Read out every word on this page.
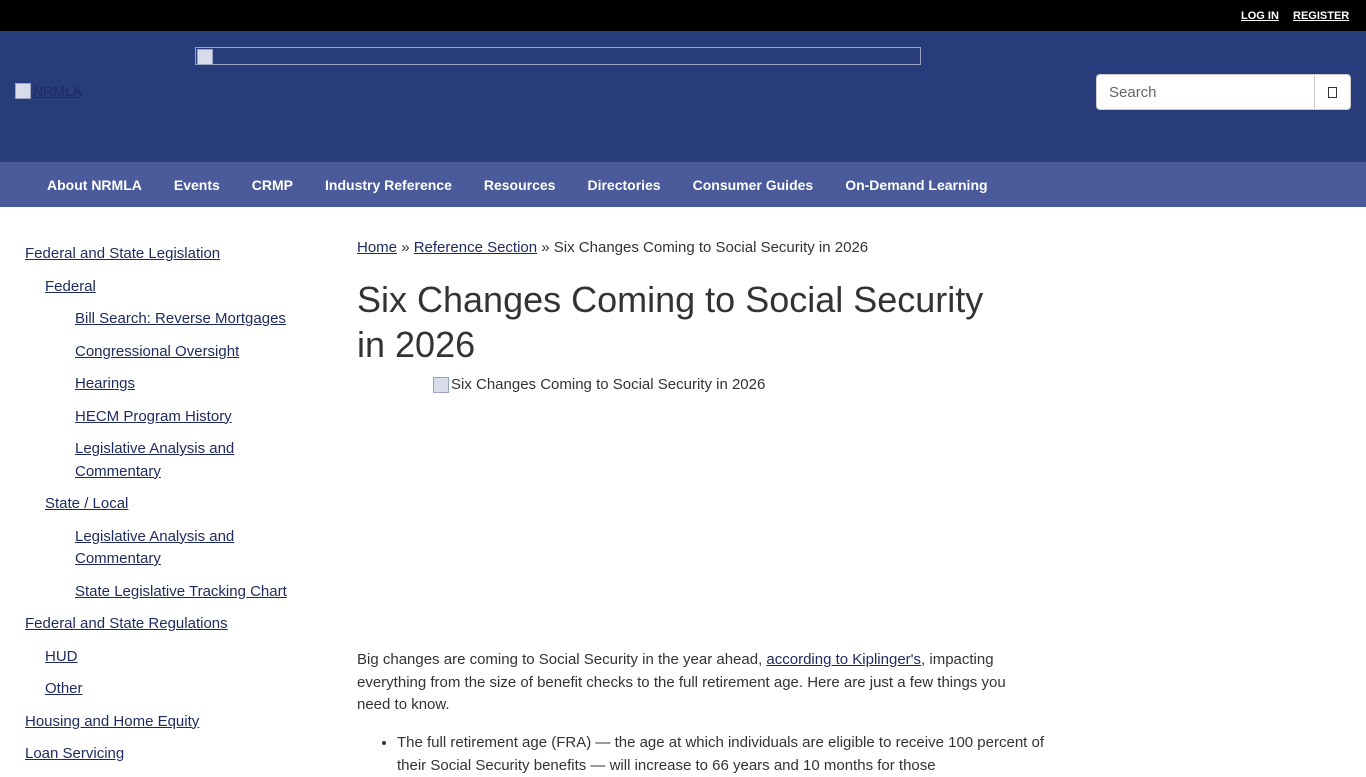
LOG IN REGISTER
NRMLA
Search
About NRMLA	Events	CRMP	Industry Reference	Resources	Directories	Consumer Guides	On-Demand Learning
Federal and State Legislation
Federal
Bill Search: Reverse Mortgages
Congressional Oversight
Hearings
HECM Program History
Legislative Analysis and Commentary
State / Local
Legislative Analysis and Commentary
State Legislative Tracking Chart
Federal and State Regulations
HUD
Other
Housing and Home Equity
Loan Servicing
Home » Reference Section » Six Changes Coming to Social Security in 2026
Six Changes Coming to Social Security in 2026
Six Changes Coming to Social Security in 2026

Big changes are coming to Social Security in the year ahead, according to Kiplinger's, impacting everything from the size of benefit checks to the full retirement age. Here are just a few things you need to know.

• The full retirement age (FRA) — the age at which individuals are eligible to receive 100 percent of their Social Security benefits — will increase to 66 years and 10 months for those
